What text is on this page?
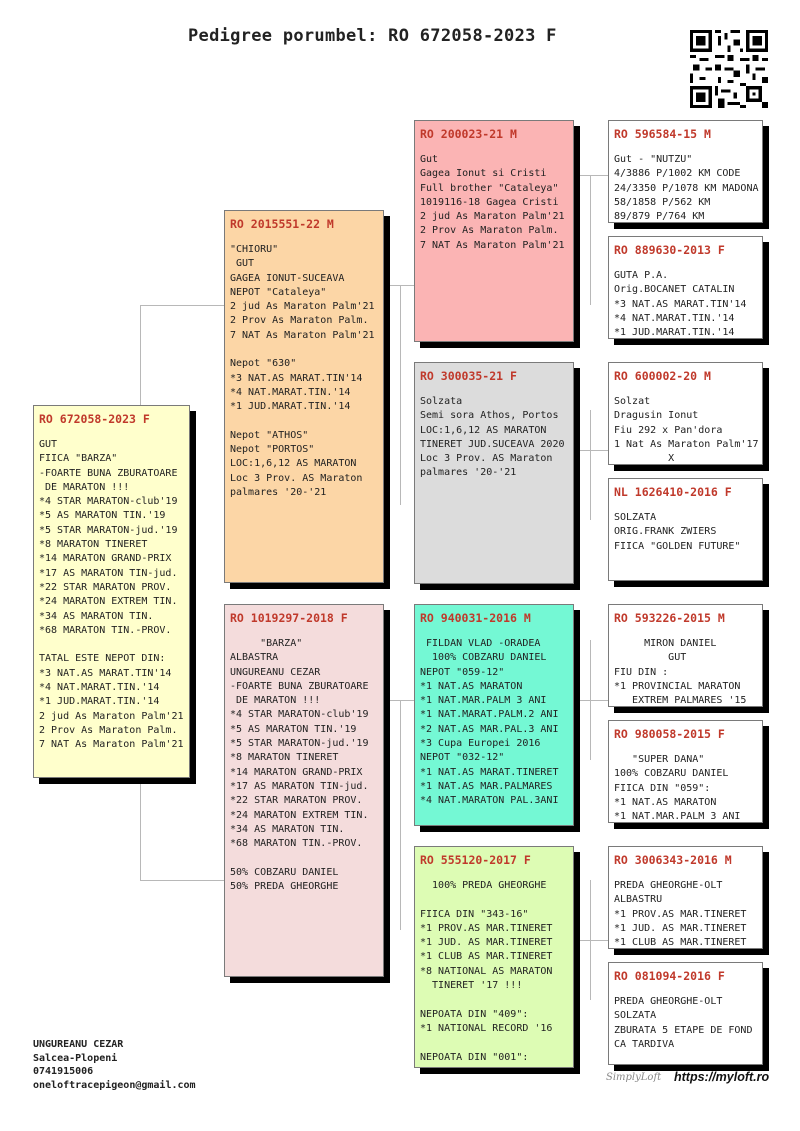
Pedigree porumbel: RO 672058-2023 F
RO 672058-2023 F
GUT
FIICA "BARZA"
-FOARTE BUNA ZBURATOARE
DE MARATON !!!
*4 STAR MARATON-club'19
*5 AS MARATON TIN.'19
*5 STAR MARATON-jud.'19
*8 MARATON TINERET
*14 MARATON GRAND-PRIX
*17 AS MARATON TIN-jud.
*22 STAR MARATON PROV.
*24 MARATON EXTREM TIN.
*34 AS MARATON TIN.
*68 MARATON TIN.-PROV.

TATAL ESTE NEPOT DIN:
*3 NAT.AS MARAT.TIN'14
*4 NAT.MARAT.TIN.'14
*1 JUD.MARAT.TIN.'14
2 jud As Maraton Palm'21
2 Prov As Maraton Palm.
7 NAT As Maraton Palm'21
RO 2015551-22 M
"CHIORU"
GUT
GAGEA IONUT-SUCEAVA
NEPOT "Cataleya"
2 jud As Maraton Palm'21
2 Prov As Maraton Palm.
7 NAT As Maraton Palm'21

Nepot "630"
*3 NAT.AS MARAT.TIN'14
*4 NAT.MARAT.TIN.'14
*1 JUD.MARAT.TIN.'14

Nepot "ATHOS"
Nepot "PORTOS"
LOC:1,6,12 AS MARATON
Loc 3 Prov. AS Maraton
palmares '20-'21
RO 1019297-2018 F
"BARZA"
ALBASTRA
UNGUREANU CEZAR
-FOARTE BUNA ZBURATOARE
DE MARATON !!!
*4 STAR MARATON-club'19
*5 AS MARATON TIN.'19
*5 STAR MARATON-jud.'19
*8 MARATON TINERET
*14 MARATON GRAND-PRIX
*17 AS MARATON TIN-jud.
*22 STAR MARATON PROV.
*24 MARATON EXTREM TIN.
*34 AS MARATON TIN.
*68 MARATON TIN.-PROV.

50% COBZARU DANIEL
50% PREDA GHEORGHE
RO 200023-21 M
Gut
Gagea Ionut si Cristi
Full brother "Cataleya"
1019116-18 Gagea Cristi
2 jud As Maraton Palm'21
2 Prov As Maraton Palm.
7 NAT As Maraton Palm'21
RO 300035-21 F
Solzata
Semi sora Athos, Portos
LOC:1,6,12 AS MARATON
TINERET JUD.SUCEAVA 2020
Loc 3 Prov. AS Maraton
palmares '20-'21
RO 940031-2016 M
FILDAN VLAD -ORADEA
100% COBZARU DANIEL
NEPOT "059-12"
*1 NAT.AS MARATON
*1 NAT.MAR.PALM 3 ANI
*1 NAT.MARAT.PALM.2 ANI
*2 NAT.AS MAR.PAL.3 ANI
*3 Cupa Europei 2016
NEPOT "032-12"
*1 NAT.AS MARAT.TINERET
*1 NAT.AS MAR.PALMARES
*4 NAT.MARATON PAL.3ANI

RO 555120-2017 F
100% PREDA GHEORGHE

FIICA DIN "343-16"
*1 PROV.AS MAR.TINERET
*1 JUD. AS MAR.TINERET
*1 CLUB AS MAR.TINERET
*8 NATIONAL AS MARATON
TINERET '17 !!!

NEPOATA DIN "409":
*1 NATIONAL RECORD '16

NEPOATA DIN "001":

RO 596584-15 M
Gut - "NUTZU"
4/3886 P/1002 KM CODE
24/3350 P/1078 KM MADONA
58/1858 P/562 KM
89/879 P/764 KM

RO 889630-2013 F
GUTA P.A.
Orig.BOCANET CATALIN
*3 NAT.AS MARAT.TIN'14
*4 NAT.MARAT.TIN.'14
*1 JUD.MARAT.TIN.'14
RO 600002-20 M
Solzat
Dragusin Ionut
Fiu 292 x Pan'dora
1 Nat As Maraton Palm'17
X

NL 1626410-2016 F
SOLZATA
ORIG.FRANK ZWIERS
FIICA "GOLDEN FUTURE"
RO 593226-2015 M
MIRON DANIEL
GUT
FIU DIN :
*1 PROVINCIAL MARATON
EXTREM PALMARES '15

RO 980058-2015 F
"SUPER DANA"
100% COBZARU DANIEL
FIICA DIN "059":
*1 NAT.AS MARATON
*1 NAT.MAR.PALM 3 ANI

RO 3006343-2016 M
PREDA GHEORGHE-OLT
ALBASTRU
*1 PROV.AS MAR.TINERET
*1 JUD. AS MAR.TINERET
*1 CLUB AS MAR.TINERET

RO 081094-2016 F
PREDA GHEORGHE-OLT
SOLZATA
ZBURATA 5 ETAPE DE FOND
CA TARDIVA

UNGUREANU CEZAR
Salcea-Plopeni
0741915006
oneloftracepigeon@gmail.com
SimplyLoft https://myloft.ro
